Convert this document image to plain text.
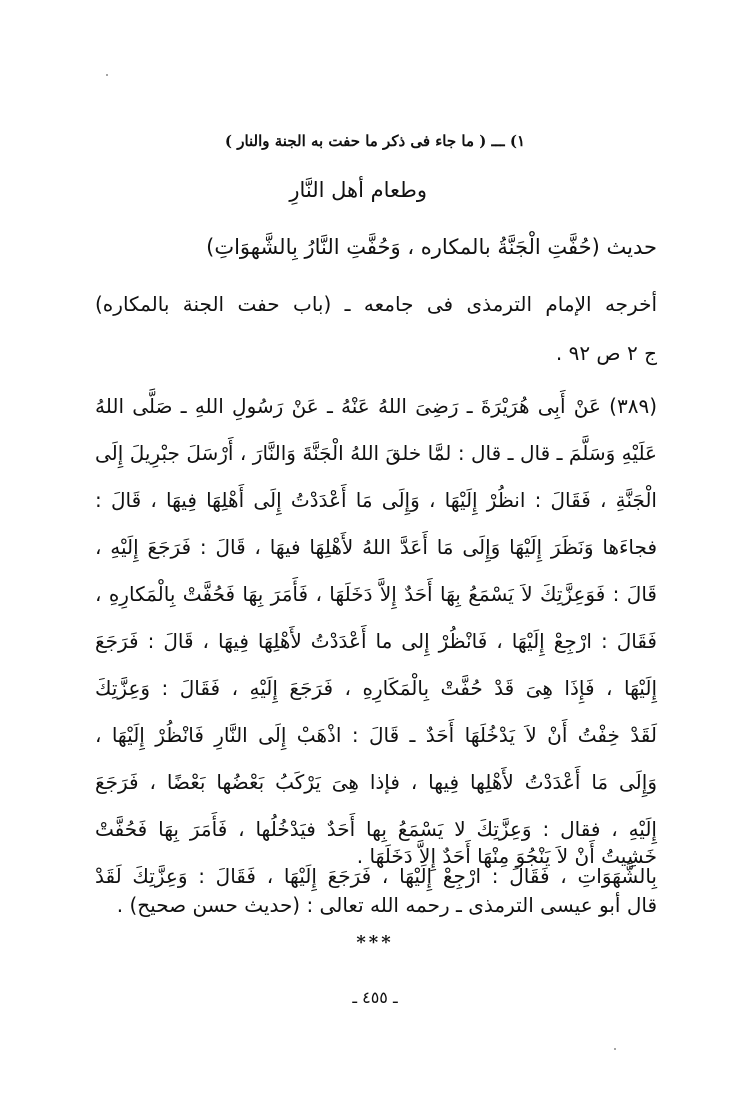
١) ـــ ( ما جاء فى ذكر ما حفت به الجنة والنار )
وطعام أهل النَّارِ
حديث (حُفَّتِ الْجَنَّةُ بالمكاره ، وَحُفَّتِ النَّارُ بِالشَّهوَاتِ)
أخرجه الإمام الترمذى فى جامعه ـ (باب حفت الجنة بالمكاره)
ج ٢ ص ٩٢ .
(٣٨٩) عَنْ أَبِى هُرَيْرَةَ ـ رَضِىَ اللهُ عَنْهُ ـ عَنْ رَسُولِ اللهِ ـ صَلَّى اللهُ
عَلَيْهِ وَسَلَّمَ ـ قال ـ قال : لمَّا خلقَ اللهُ الْجَنَّةَ وَالنَّارَ ، أَرْسَلَ جبْرِيلَ إِلَى
الْجَنَّةِ ، فَقَالَ : انظُرْ إِلَيْهَا ، وَإِلَى مَا أَعْدَدْتُ إِلَى أَهْلِهَا فِيهَا ، قَالَ :
فجاءَها وَنَظَرَ إِلَيْهَا وَإِلَى مَا أَعَدَّ اللهُ لأَهْلِهَا فيهَا ، قَالَ : فَرَجَعَ إِلَيْهِ ،
قَالَ : فَوَعِزَّتِكَ لاَ يَسْمَعُ بِهَا أَحَدٌ إِلاَّ دَخَلَهَا ، فَأَمَرَ بِهَا فَحُفَّتْ بِالْمَكارِهِ ،
فَقَالَ : ارْجِعْ إِلَيْهَا ، فَانْظُرْ إِلى ما أَعْدَدْتُ لأَهْلِهَا فِيهَا ، قَالَ : فَرَجَعَ
إِلَيْهَا ، فَإِذَا هِىَ قَدْ حُفَّتْ بِالْمَكَارِهِ ، فَرَجَعَ إِلَيْهِ ، فَقَالَ : وَعِزَّتِكَ
لَقَدْ خِفْتُ أَنْ لاَ يَدْخُلَهَا أَحَدٌ ـ قَالَ : اذْهَبْ إِلَى النَّارِ فَانْظُرْ إِلَيْهَا ،
وَإِلَى مَا أَعْدَدْتُ لأَهْلِها فِيها ، فإذا هِىَ يَرْكَبُ بَعْضُها بَعْضًا ، فَرَجَعَ
إِلَيْهِ ، فقال : وَعِزَّتِكَ لا يَسْمَعُ بِها أَحَدٌ فيَدْخُلُها ، فَأَمَرَ بِهَا فَحُفَّتْ
بِالشَّهَوَاتِ ، فَقَالَ : ارْجِعْ إِلَيْهَا ، فَرَجَعَ إِلَيْهَا ، فَقَالَ : وَعِزَّتِكَ لَقَدْ
خَشِيتُ أَنْ لاَ يَنْجُوَ مِنْهَا أَحَدٌ إِلاَّ دَخَلَهَا .
قال أبو عيسى الترمذى ـ رحمه الله تعالى : (حديث حسن صحيح) .
***
ـ ٤٥٥ ـ
